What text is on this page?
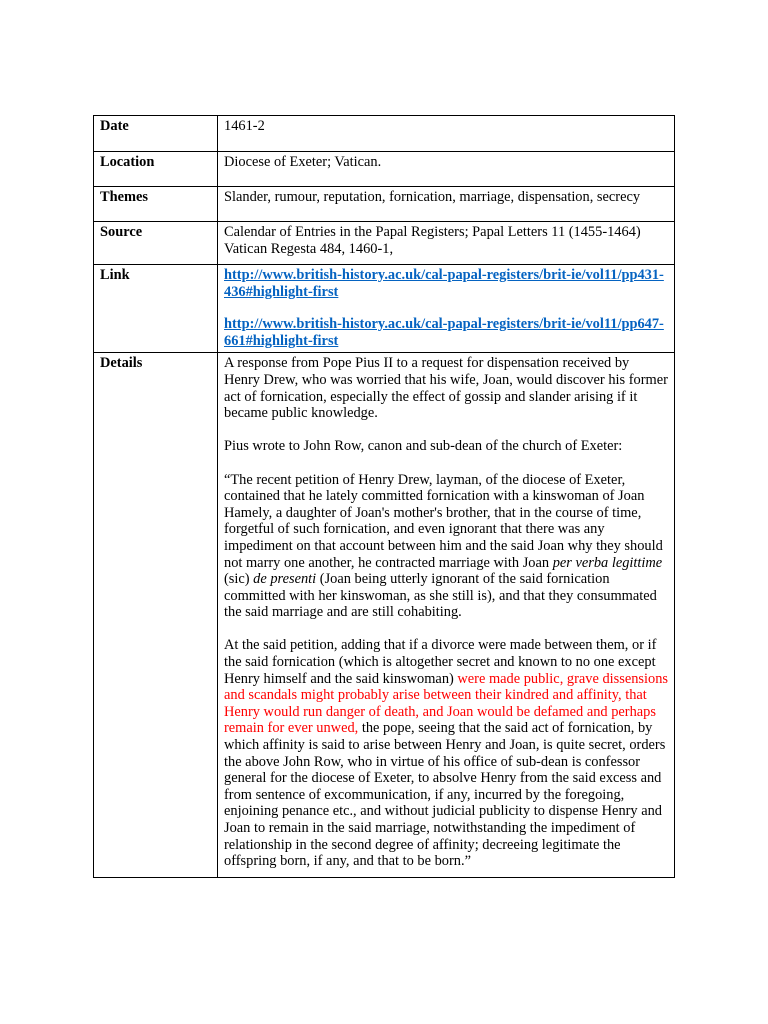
Date	1461-2
Location	Diocese of Exeter; Vatican.
Themes	Slander, rumour, reputation, fornication, marriage, dispensation, secrecy
Source	Calendar of Entries in the Papal Registers; Papal Letters 11 (1455-1464) Vatican Regesta 484, 1460-1,
Link	http://www.british-history.ac.uk/cal-papal-registers/brit-ie/vol11/pp431-436#highlight-first
http://www.british-history.ac.uk/cal-papal-registers/brit-ie/vol11/pp647-661#highlight-first

Details	A response from Pope Pius II to a request for dispensation received by Henry Drew, who was worried that his wife, Joan, would discover his former act of fornication, especially the effect of gossip and slander arising if it became public knowledge.

Pius wrote to John Row, canon and sub-dean of the church of Exeter:

“The recent petition of Henry Drew, layman, of the diocese of Exeter, contained that he lately committed fornication with a kinswoman of Joan Hamely, a daughter of Joan's mother's brother, that in the course of time, forgetful of such fornication, and even ignorant that there was any impediment on that account between him and the said Joan why they should not marry one another, he contracted marriage with Joan per verba legittime (sic) de presenti (Joan being utterly ignorant of the said fornication committed with her kinswoman, as she still is), and that they consummated the said marriage and are still cohabiting.

At the said petition, adding that if a divorce were made between them, or if the said fornication (which is altogether secret and known to no one except Henry himself and the said kinswoman) were made public, grave dissensions and scandals might probably arise between their kindred and affinity, that Henry would run danger of death, and Joan would be defamed and perhaps remain for ever unwed, the pope, seeing that the said act of fornication, by which affinity is said to arise between Henry and Joan, is quite secret, orders the above John Row, who in virtue of his office of sub-dean is confessor general for the diocese of Exeter, to absolve Henry from the said excess and from sentence of excommunication, if any, incurred by the foregoing, enjoining penance etc., and without judicial publicity to dispense Henry and Joan to remain in the said marriage, notwithstanding the impediment of relationship in the second degree of affinity; decreeing legitimate the offspring born, if any, and that to be born.”
